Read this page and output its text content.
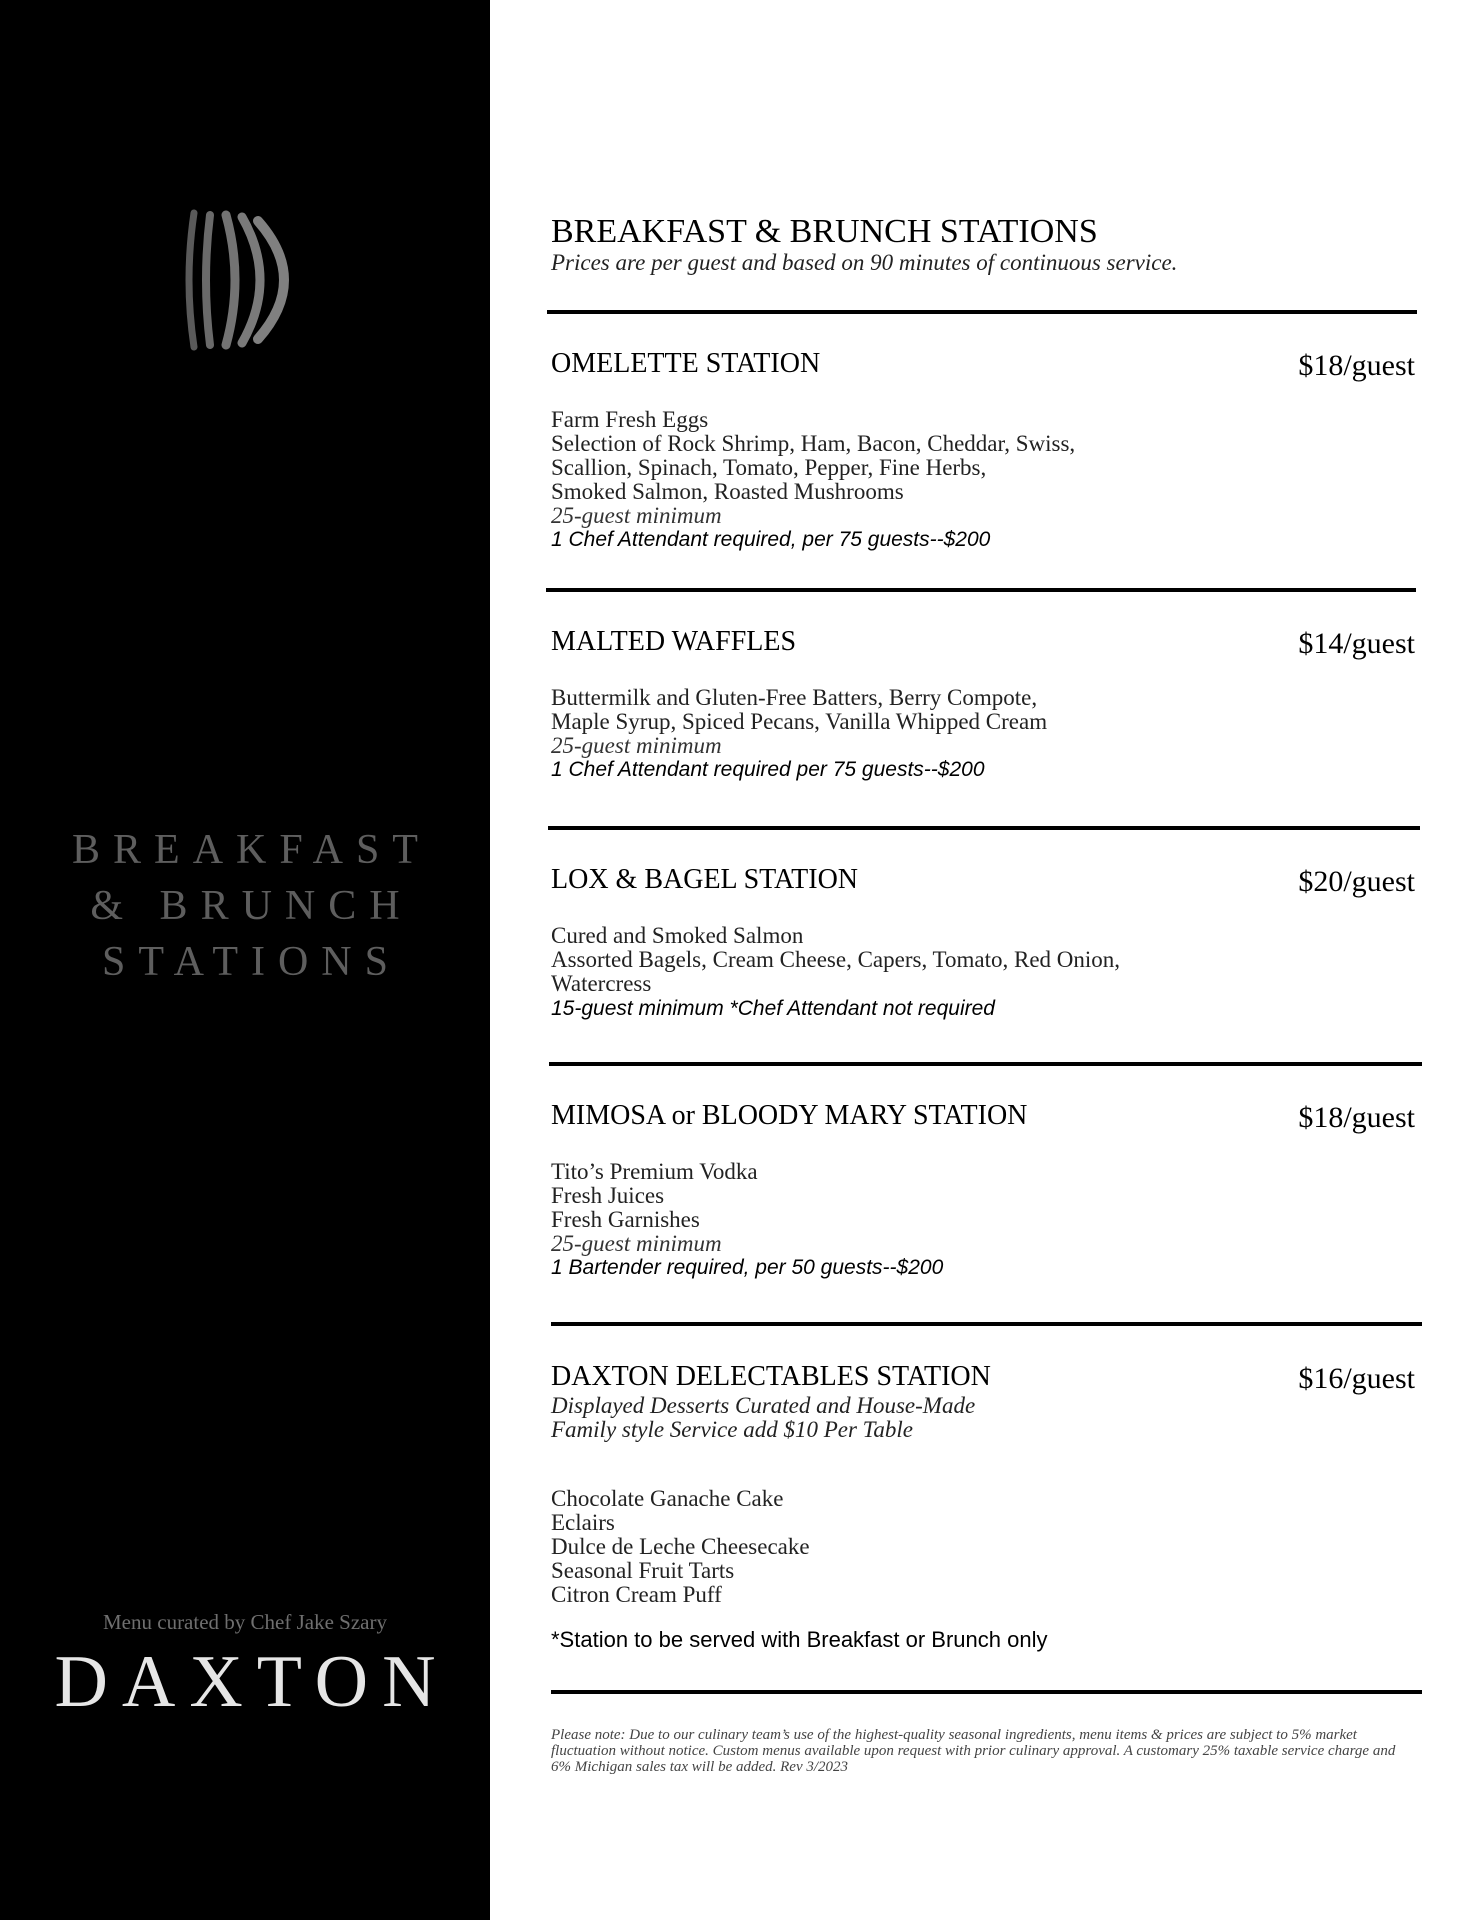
BREAKFAST
& BRUNCH
STATIONS
Menu curated by Chef Jake Szary
DAXTON
BREAKFAST & BRUNCH STATIONS
Prices are per guest and based on 90 minutes of continuous service.
OMELETTE STATION	$18/guest
Farm Fresh Eggs
Selection of Rock Shrimp, Ham, Bacon, Cheddar, Swiss,
Scallion, Spinach, Tomato, Pepper, Fine Herbs,
Smoked Salmon, Roasted Mushrooms
25-guest minimum
1 Chef Attendant required, per 75 guests--$200
MALTED WAFFLES	$14/guest
Buttermilk and Gluten-Free Batters, Berry Compote,
Maple Syrup, Spiced Pecans, Vanilla Whipped Cream
25-guest minimum
1 Chef Attendant required per 75 guests--$200
LOX & BAGEL STATION	$20/guest
Cured and Smoked Salmon
Assorted Bagels, Cream Cheese, Capers, Tomato, Red Onion,
Watercress
15-guest minimum *Chef Attendant not required
MIMOSA or BLOODY MARY STATION	$18/guest
Tito’s Premium Vodka
Fresh Juices
Fresh Garnishes
25-guest minimum
1 Bartender required, per 50 guests--$200
DAXTON DELECTABLES STATION	$16/guest
Displayed Desserts Curated and House-Made
Family style Service add $10 Per Table
Chocolate Ganache Cake
Eclairs
Dulce de Leche Cheesecake
Seasonal Fruit Tarts
Citron Cream Puff
*Station to be served with Breakfast or Brunch only
Please note: Due to our culinary team’s use of the highest-quality seasonal ingredients, menu items & prices are subject to 5% market fluctuation without notice. Custom menus available upon request with prior culinary approval. A customary 25% taxable service charge and 6% Michigan sales tax will be added. Rev 3/2023
